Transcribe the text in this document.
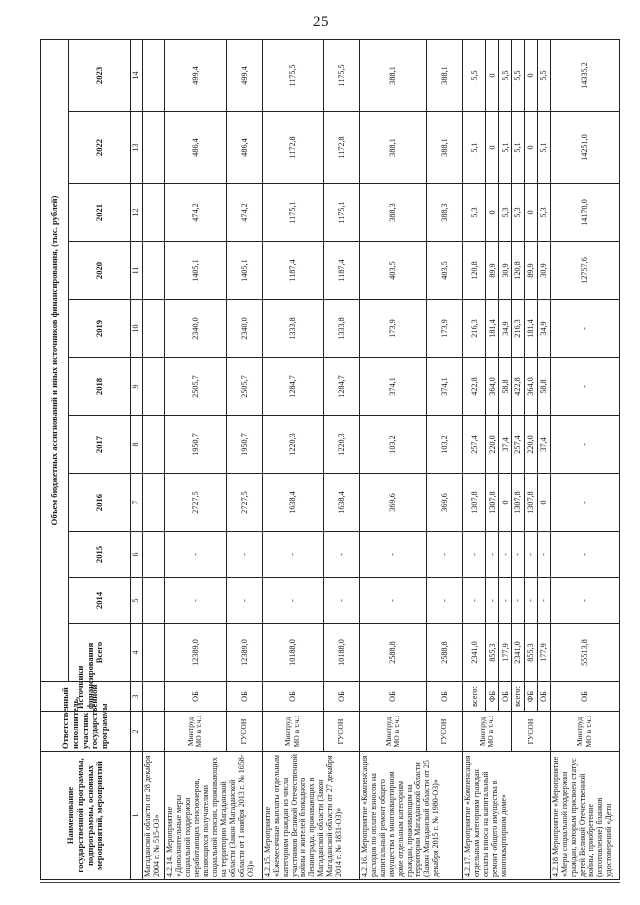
25
Наименование государственной программы, подпрограммы, основных мероприятий, мероприятий	Ответственный исполнитель, участник государственной программы	Источники финансирования	Объем бюджетных ассигнований и иных источников финансирования, (тыс. рублей)										
			Всего	2014	2015	2016	2017	2018	2019	2020	2021	2022	2023
1	2	3	4	5	6	7	8	9	10	11	12	13	14
Магаданской области от 28 декабря 2004 г. № 515-ОЗ»													
4.2.14. Мероприятие «Дополнительные меры социальной поддержки неработающих пенсионеров, являющихся получателями социальной пенсии, проживающих на территории Магаданской области (Закон Магаданской области от 1 ноября 2013 г. № 1658-ОЗ)»	Минтруд МО в т.ч.:	ОБ	12389,0	-	-	2727,5	1950,7	2505,7	2340,0	1405,1	474,2	486,4	499,4
	ГУСОН	ОБ	12389,0	-	-	2727,5	1950,7	2505,7	2340,0	1405,1	474,2	486,4	499,4
4.2.15. Мероприятие «Ежемесячные выплаты отдельным категориям граждан из числа участников Великой Отечественной войны и жителей блокадного Ленинграда, проживающих в Магаданской области (Закон Магаданской области от 27 декабря 2014 г. № 1831-ОЗ)»	Минтруд МО в т.ч.:	ОБ	10188,0	-	-	1638,4	1220,3	1284,7	1333,8	1187,4	1175,1	1172,8	1175,5
	ГУСОН	ОБ	10188,0	-	-	1638,4	1220,3	1284,7	1333,8	1187,4	1175,1	1172,8	1175,5
4.2.16. Мероприятие «Компенсация расходов по оплате взносов на капитальный ремонт общего имущества в многоквартирном доме отдельным категориям граждан, проживающим на территории Магаданской области (Закон Магаданской области от 25 декабря 2015 г. № 1980-ОЗ)»	Минтруд МО в т.ч.:	ОБ	2588,8	-	-	369,6	103,2	374,1	173,9	403,5	388,3	388,1	388,1
	ГУСОН	ОБ	2588,8	-	-	369,6	103,2	374,1	173,9	403,5	388,3	388,1	388,1
4.2.17. Мероприятие «Компенсация отдельным категориям граждан оплаты взноса на капитальный ремонт общего имущества в многоквартирном доме»	Минтруд МО в т.ч.:	всего:	2341,0	-	-	1307,8	257,4	422,8	216,3	120,8	5,3	5,1	5,5
		ФБ	855,3	-	-	1307,8	220,0	364,0	181,4	89,9	0	0	0
		ОБ	177,9	-	-	0	37,4	58,8	34,9	30,9	5,3	5,1	5,5
	ГУСОН	всего:	2341,0	-	-	1307,8	257,4	422,8	216,3	120,8	5,3	5,1	5,5
		ФБ	855,3	-	-	1307,8	220,0	364,0	181,4	89,9	0	0	0
		ОБ	177,9	-	-	0	37,4	58,8	34,9	30,9	5,3	5,1	5,5
4.2.18 Мероприятие «Мероприятие «Меры социальной поддержки граждан, которым присвоен статус детей Великой Отечественной войны, приобретение (изготовление) бланков удостоверений «Дети	Минтруд МО в т.ч.:	ОБ	55513,8	-	-	-	-	-	-	12757,6	14170,0	14251,0	14335,2
